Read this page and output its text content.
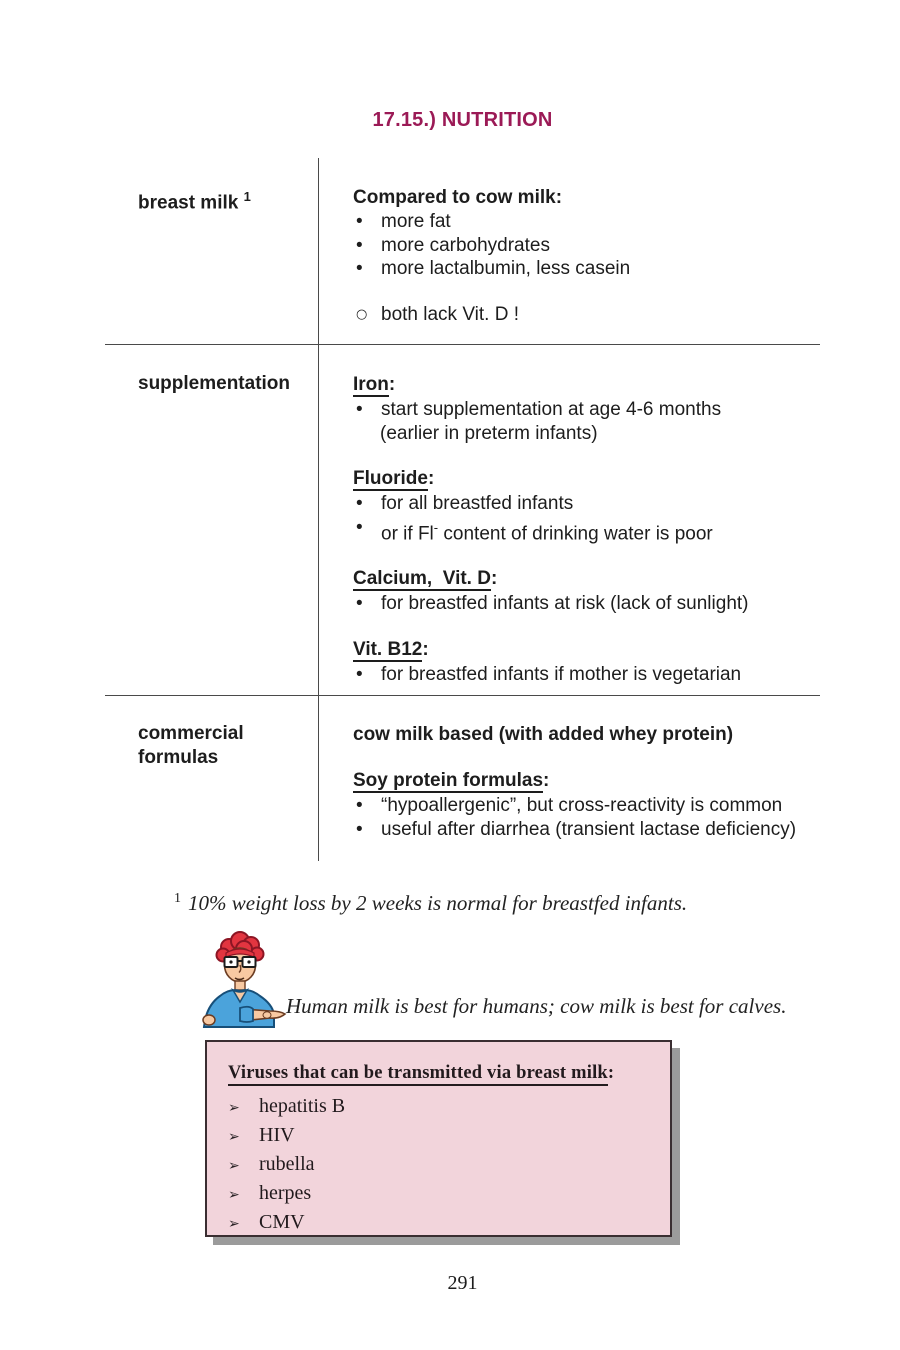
17.15.) NUTRITION
breast milk $^1$	Compared to cow milk:
• more fat
• more carbohydrates
• more lactalbumin, less casein
○ both lack Vit. D !
supplementation	Iron:
• start supplementation at age 4-6 months
(earlier in preterm infants)
Fluoride:
• for all breastfed infants
• or if Fl- content of drinking water is poor
Calcium,  Vit. D:
• for breastfed infants at risk (lack of sunlight)
Vit. B12:
• for breastfed infants if mother is vegetarian
commercial formulas
cow milk based (with added whey protein)
Soy protein formulas:
• “hypoallergenic”, but cross-reactivity is common
• useful after diarrhea (transient lactase deficiency)
$^1$ 10% weight loss by 2 weeks is normal for breastfed infants.
Human milk is best for humans; cow milk is best for calves.
Viruses that can be transmitted via breast milk:
➢ hepatitis B
➢ HIV
➢ rubella
➢ herpes
➢ CMV
291
